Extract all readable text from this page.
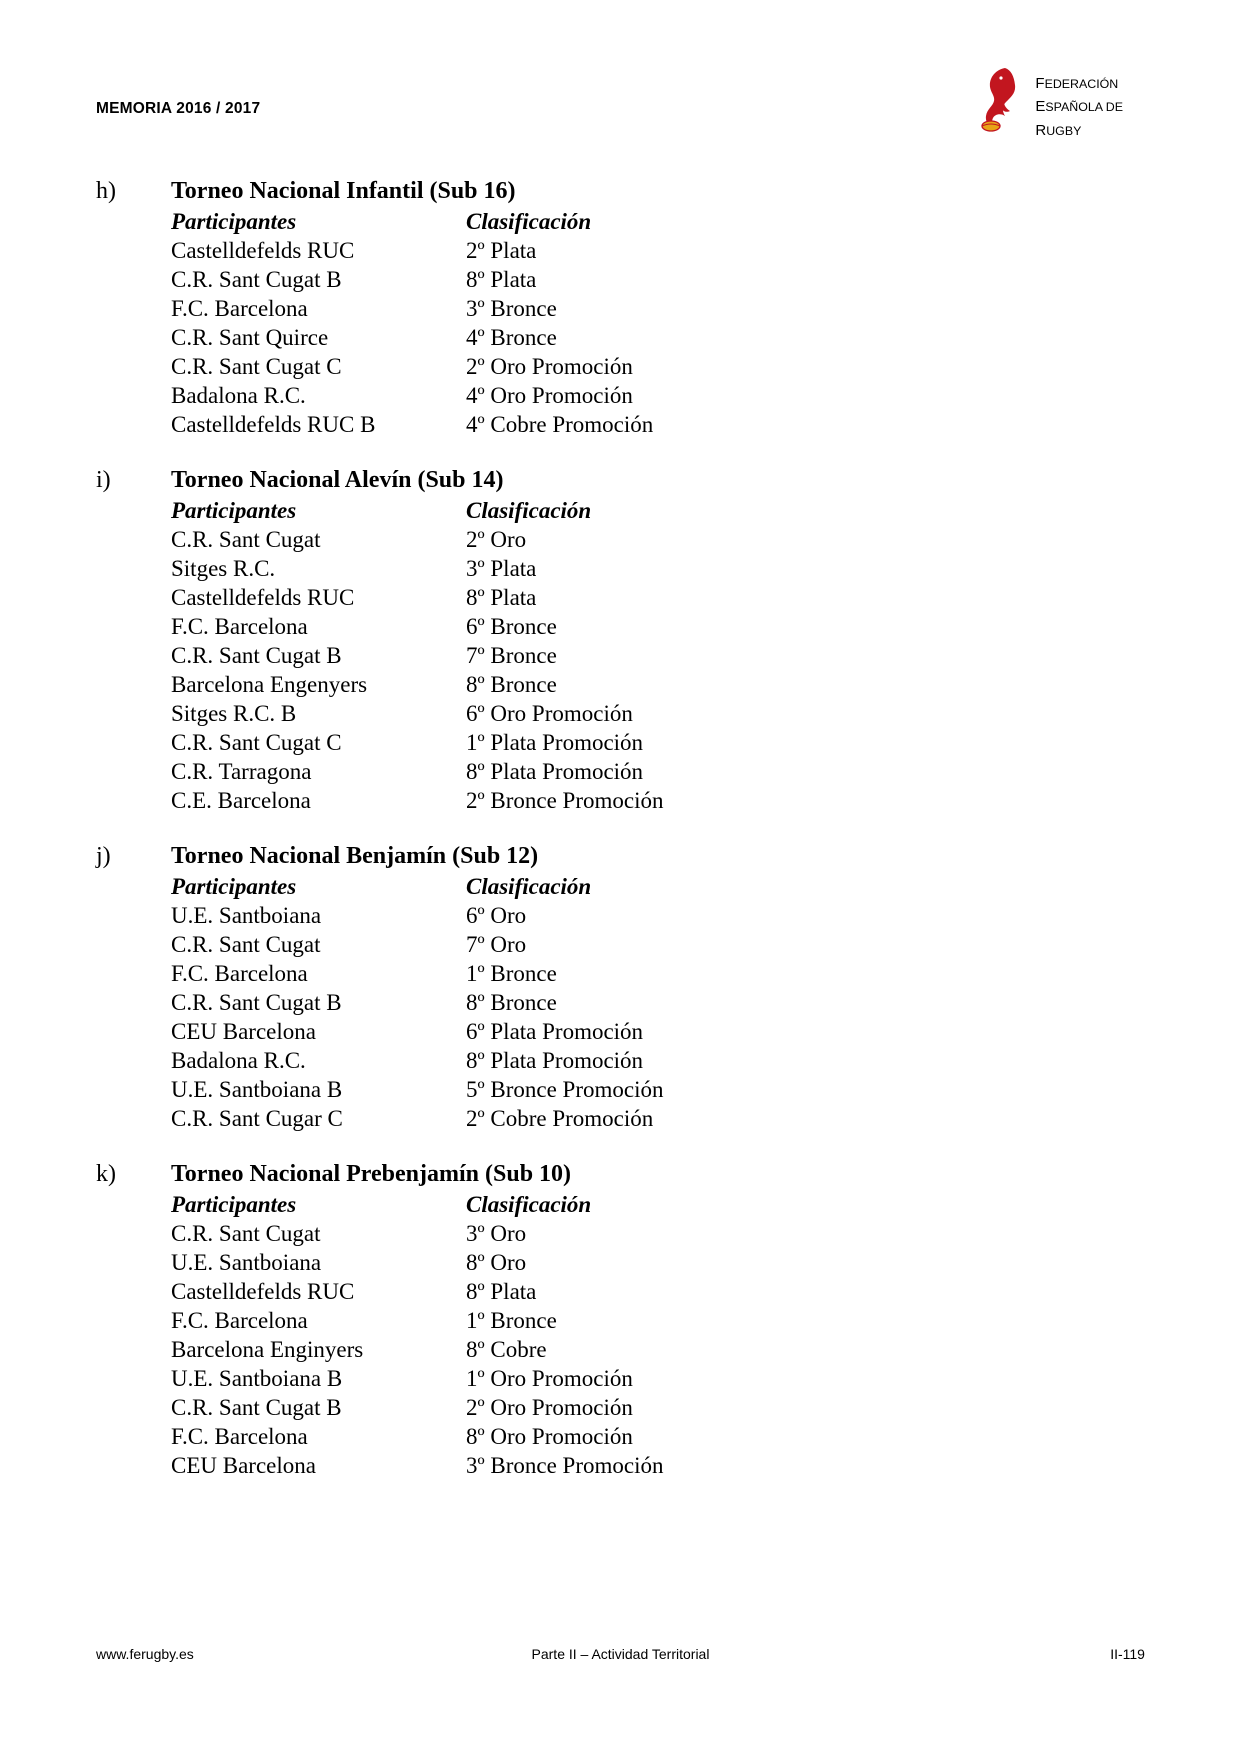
MEMORIA 2016 / 2017
FEDERACIÓN
ESPAÑOLA DE
RUGBY
h)	Torneo Nacional Infantil (Sub 16)
Participantes	Clasificación
Castelldefelds RUC	2º Plata
C.R. Sant Cugat B	8º Plata
F.C. Barcelona	3º Bronce
C.R. Sant Quirce	4º Bronce
C.R. Sant Cugat C	2º Oro Promoción
Badalona R.C.	4º Oro Promoción
Castelldefelds RUC B	4º Cobre Promoción
i)	Torneo Nacional Alevín (Sub 14)
Participantes	Clasificación
C.R. Sant Cugat	2º Oro
Sitges R.C.	3º Plata
Castelldefelds RUC	8º Plata
F.C. Barcelona	6º Bronce
C.R. Sant Cugat B	7º Bronce
Barcelona Engenyers	8º Bronce
Sitges R.C. B	6º Oro Promoción
C.R. Sant Cugat C	1º Plata Promoción
C.R. Tarragona	8º Plata Promoción
C.E. Barcelona	2º Bronce Promoción
j)	Torneo Nacional Benjamín (Sub 12)
Participantes	Clasificación
U.E. Santboiana	6º Oro
C.R. Sant Cugat	7º Oro
F.C. Barcelona	1º Bronce
C.R. Sant Cugat B	8º Bronce
CEU Barcelona	6º Plata Promoción
Badalona R.C.	8º Plata Promoción
U.E. Santboiana B	5º Bronce Promoción
C.R. Sant Cugar C	2º Cobre Promoción
k)	Torneo Nacional Prebenjamín (Sub 10)
Participantes	Clasificación
C.R. Sant Cugat	3º Oro
U.E. Santboiana	8º Oro
Castelldefelds RUC	8º Plata
F.C. Barcelona	1º Bronce
Barcelona Enginyers	8º Cobre
U.E. Santboiana B	1º Oro Promoción
C.R. Sant Cugat B	2º Oro Promoción
F.C. Barcelona	8º Oro Promoción
CEU Barcelona	3º Bronce Promoción
www.ferugby.es	Parte II – Actividad Territorial	II-119
